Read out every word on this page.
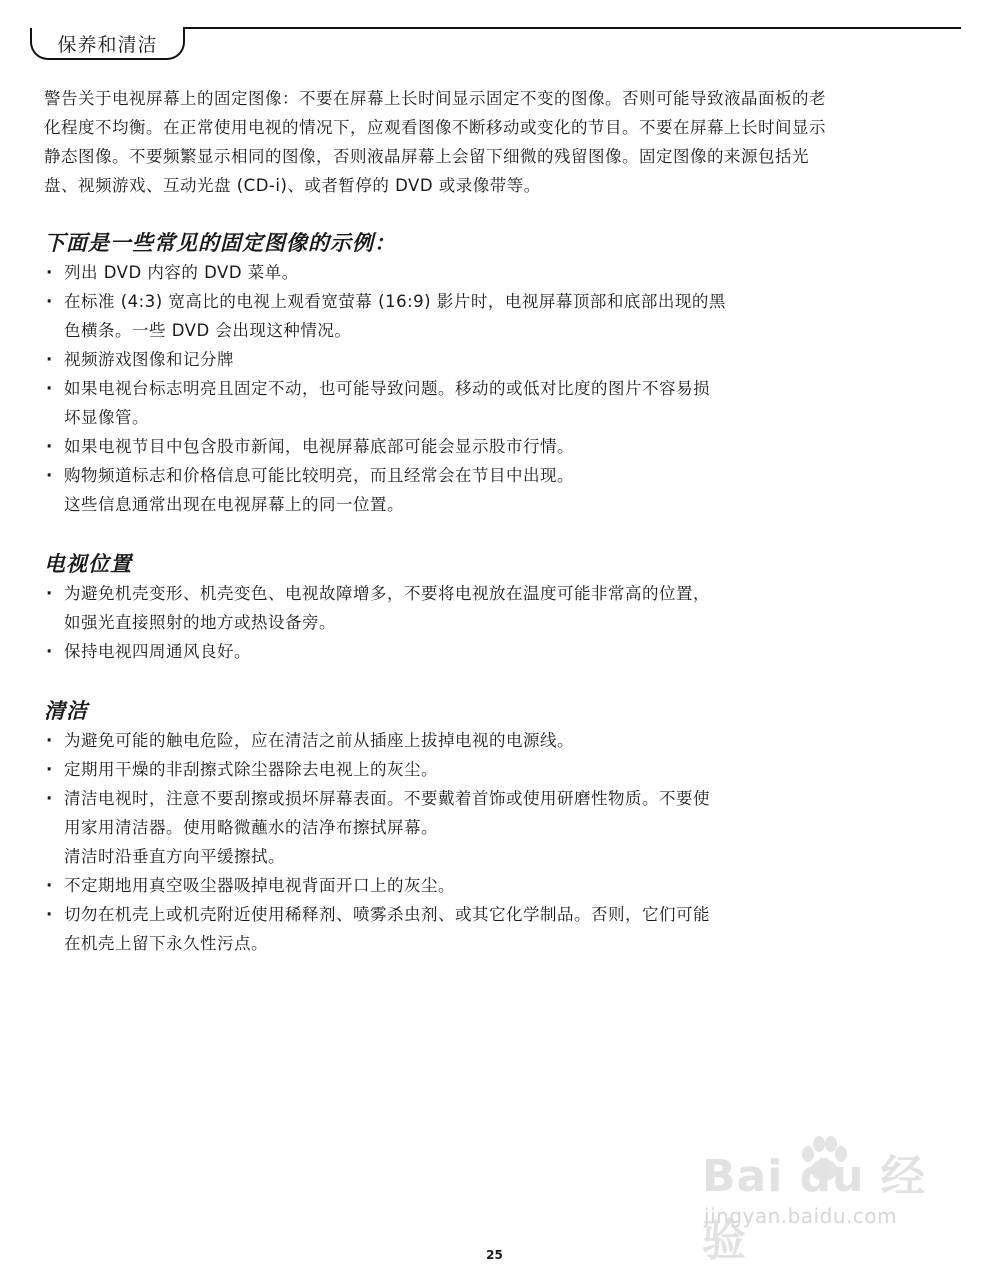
保养和清洁
警告关于电视屏幕上的固定图像：不要在屏幕上长时间显示固定不变的图像。否则可能导致液晶面板的老
化程度不均衡。在正常使用电视的情况下，应观看图像不断移动或变化的节目。不要在屏幕上长时间显示
静态图像。不要频繁显示相同的图像，否则液晶屏幕上会留下细微的残留图像。固定图像的来源包括光
盘、视频游戏、互动光盘 (CD-i)、或者暂停的 DVD 或录像带等。
下面是一些常见的固定图像的示例：
· 列出 DVD 内容的 DVD 菜单。
· 在标准 (4:3) 宽高比的电视上观看宽萤幕 (16:9) 影片时，电视屏幕顶部和底部出现的黑
色横条。一些 DVD 会出现这种情况。
· 视频游戏图像和记分牌
· 如果电视台标志明亮且固定不动，也可能导致问题。移动的或低对比度的图片不容易损
坏显像管。
· 如果电视节目中包含股市新闻，电视屏幕底部可能会显示股市行情。
· 购物频道标志和价格信息可能比较明亮，而且经常会在节目中出现。
这些信息通常出现在电视屏幕上的同一位置。
电视位置
· 为避免机壳变形、机壳变色、电视故障增多，不要将电视放在温度可能非常高的位置，
如强光直接照射的地方或热设备旁。
· 保持电视四周通风良好。
清洁
· 为避免可能的触电危险，应在清洁之前从插座上拔掉电视的电源线。
· 定期用干燥的非刮擦式除尘器除去电视上的灰尘。
· 清洁电视时，注意不要刮擦或损坏屏幕表面。不要戴着首饰或使用研磨性物质。不要使
用家用清洁器。使用略微蘸水的洁净布擦拭屏幕。
清洁时沿垂直方向平缓擦拭。
· 不定期地用真空吸尘器吸掉电视背面开口上的灰尘。
· 切勿在机壳上或机壳附近使用稀释剂、喷雾杀虫剂、或其它化学制品。否则，它们可能
在机壳上留下永久性污点。
Bai du 经验
jingyan.baidu.com
25
